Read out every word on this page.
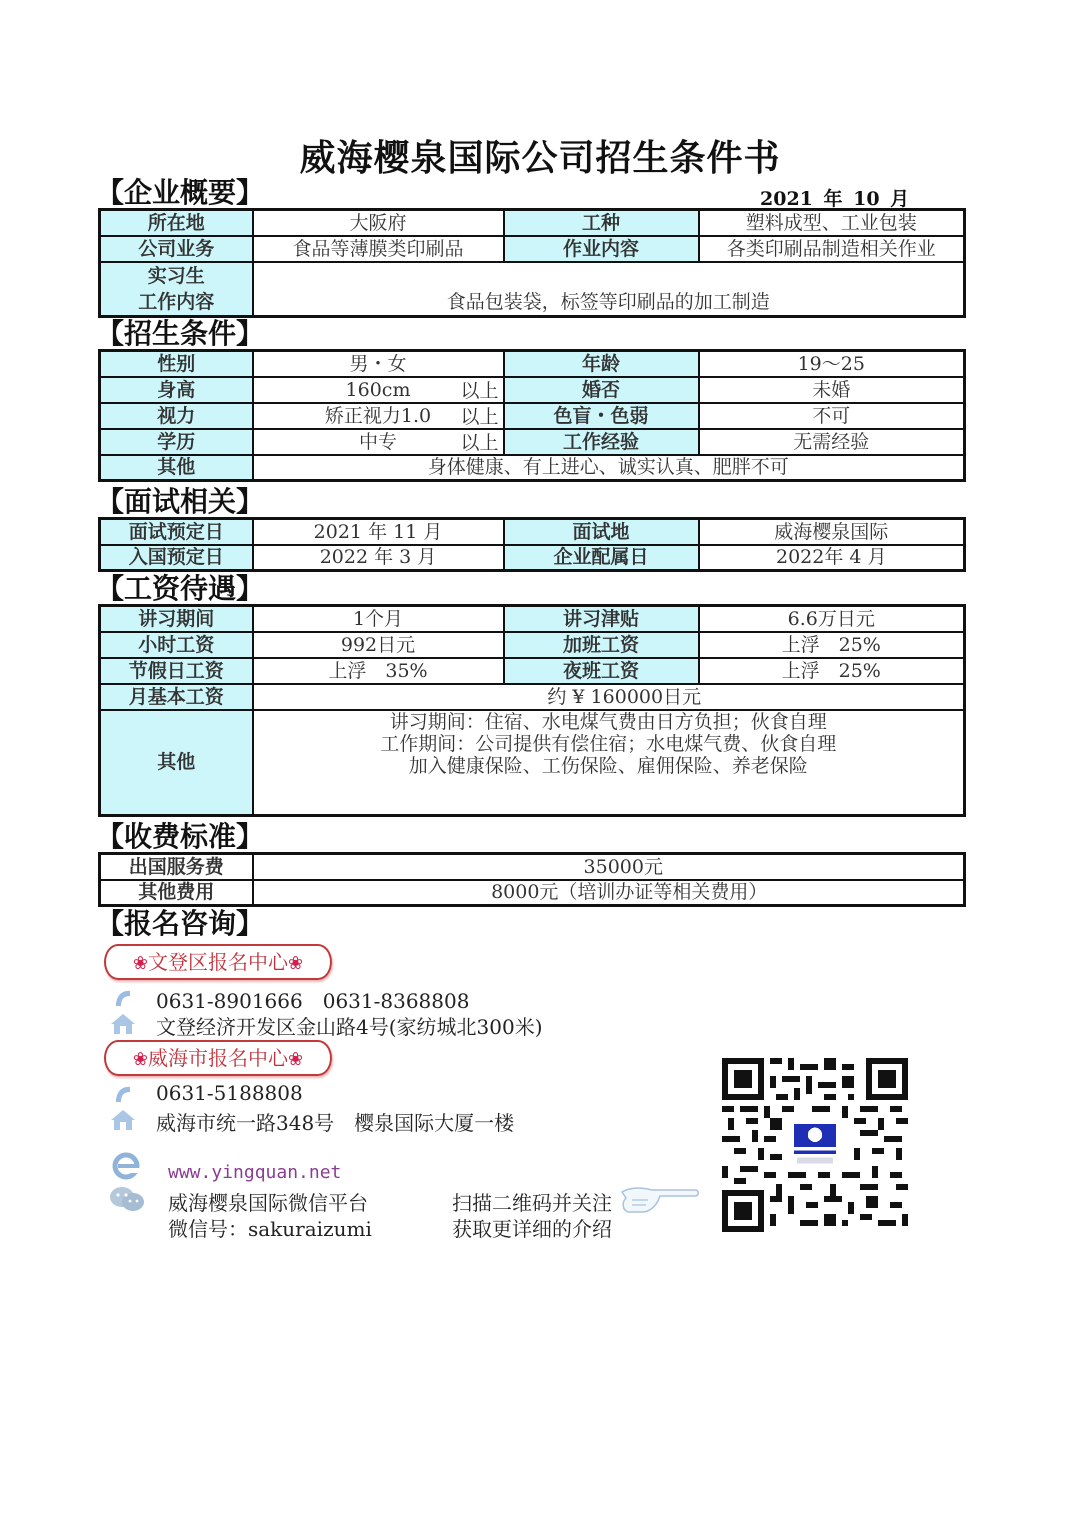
威海樱泉国际公司招生条件书
【企业概要】	2021 年 10 月
所在地	大阪府	工种	塑料成型、工业包装
公司业务	食品等薄膜类印刷品	作业内容	各类印刷品制造相关作业

实习生
工作内容	食品包装袋，标签等印刷品的加工制造		
【招生条件】
性别	男・女	年龄	19～25
身高	160cm 以上	婚否	未婚
视力	矫正视力1.0 以上	色盲・色弱	不可
学历	中专 以上	工作经验	无需经验
其他	身体健康、有上进心、诚实认真、肥胖不可		
【面试相关】
面试预定日	2021 年 11 月	面试地	威海樱泉国际
入国预定日	2022 年 3 月	企业配属日	2022年 4 月
【工资待遇】
讲习期间	1个月	讲习津贴	6.6万日元
小时工资	992日元	加班工资	上浮　25%
节假日工资	上浮　35%	夜班工资	上浮　25%
月基本工资	约 ¥ 160000日元		
其他	讲习期间：住宿、水电煤气费由日方负担；伙食自理
工作期间：公司提供有偿住宿；水电煤气费、伙食自理
加入健康保险、工伤保险、雇佣保险、养老保险		
【收费标准】
出国服务费	35000元
其他费用	8000元（培训办证等相关费用）
【报名咨询】
❀文登区报名中心❀
0631-8901666　0631-8368808
文登经济开发区金山路4号(家纺城北300米)
❀威海市报名中心❀
0631-5188808
威海市统一路348号　樱泉国际大厦一楼
www.yingquan.net
威海樱泉国际微信平台
微信号：sakuraizumi
扫描二维码并关注
获取更详细的介绍
